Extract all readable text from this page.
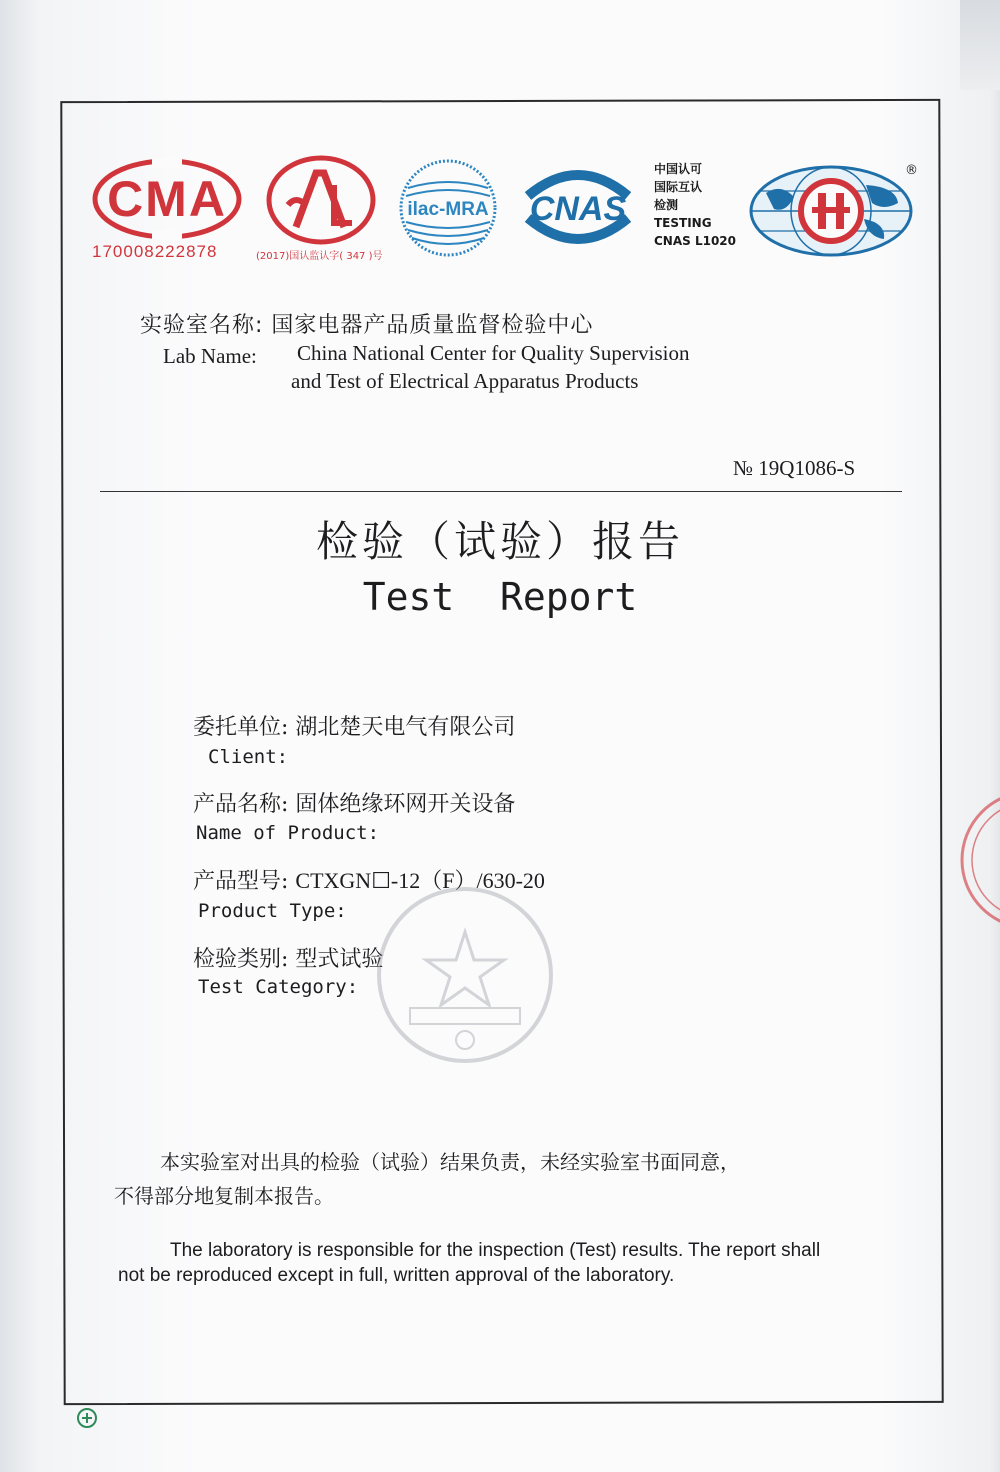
CMA
170008222878	(2017)国认监认字( 347 )号
ilac-MRA CNAS
中国认可
国际互认
检测
TESTING
CNAS L1020
®
实验室名称: 国家电器产品质量监督检验中心
Lab Name: China National Center for Quality Supervision
and Test of Electrical Apparatus Products
№ 19Q1086-S
检验（试验）报告
Test  Report
委托单位: 湖北楚天电气有限公司
Client:
产品名称: 固体绝缘环网开关设备
Name of Product:
产品型号: CTXGN☐-12（F）/630-20
Product Type:
检验类别: 型式试验
Test Category:
本实验室对出具的检验（试验）结果负责，未经实验室书面同意，
不得部分地复制本报告。
The laboratory is responsible for the inspection (Test) results. The report shall
not be reproduced except in full, written approval of the laboratory.
